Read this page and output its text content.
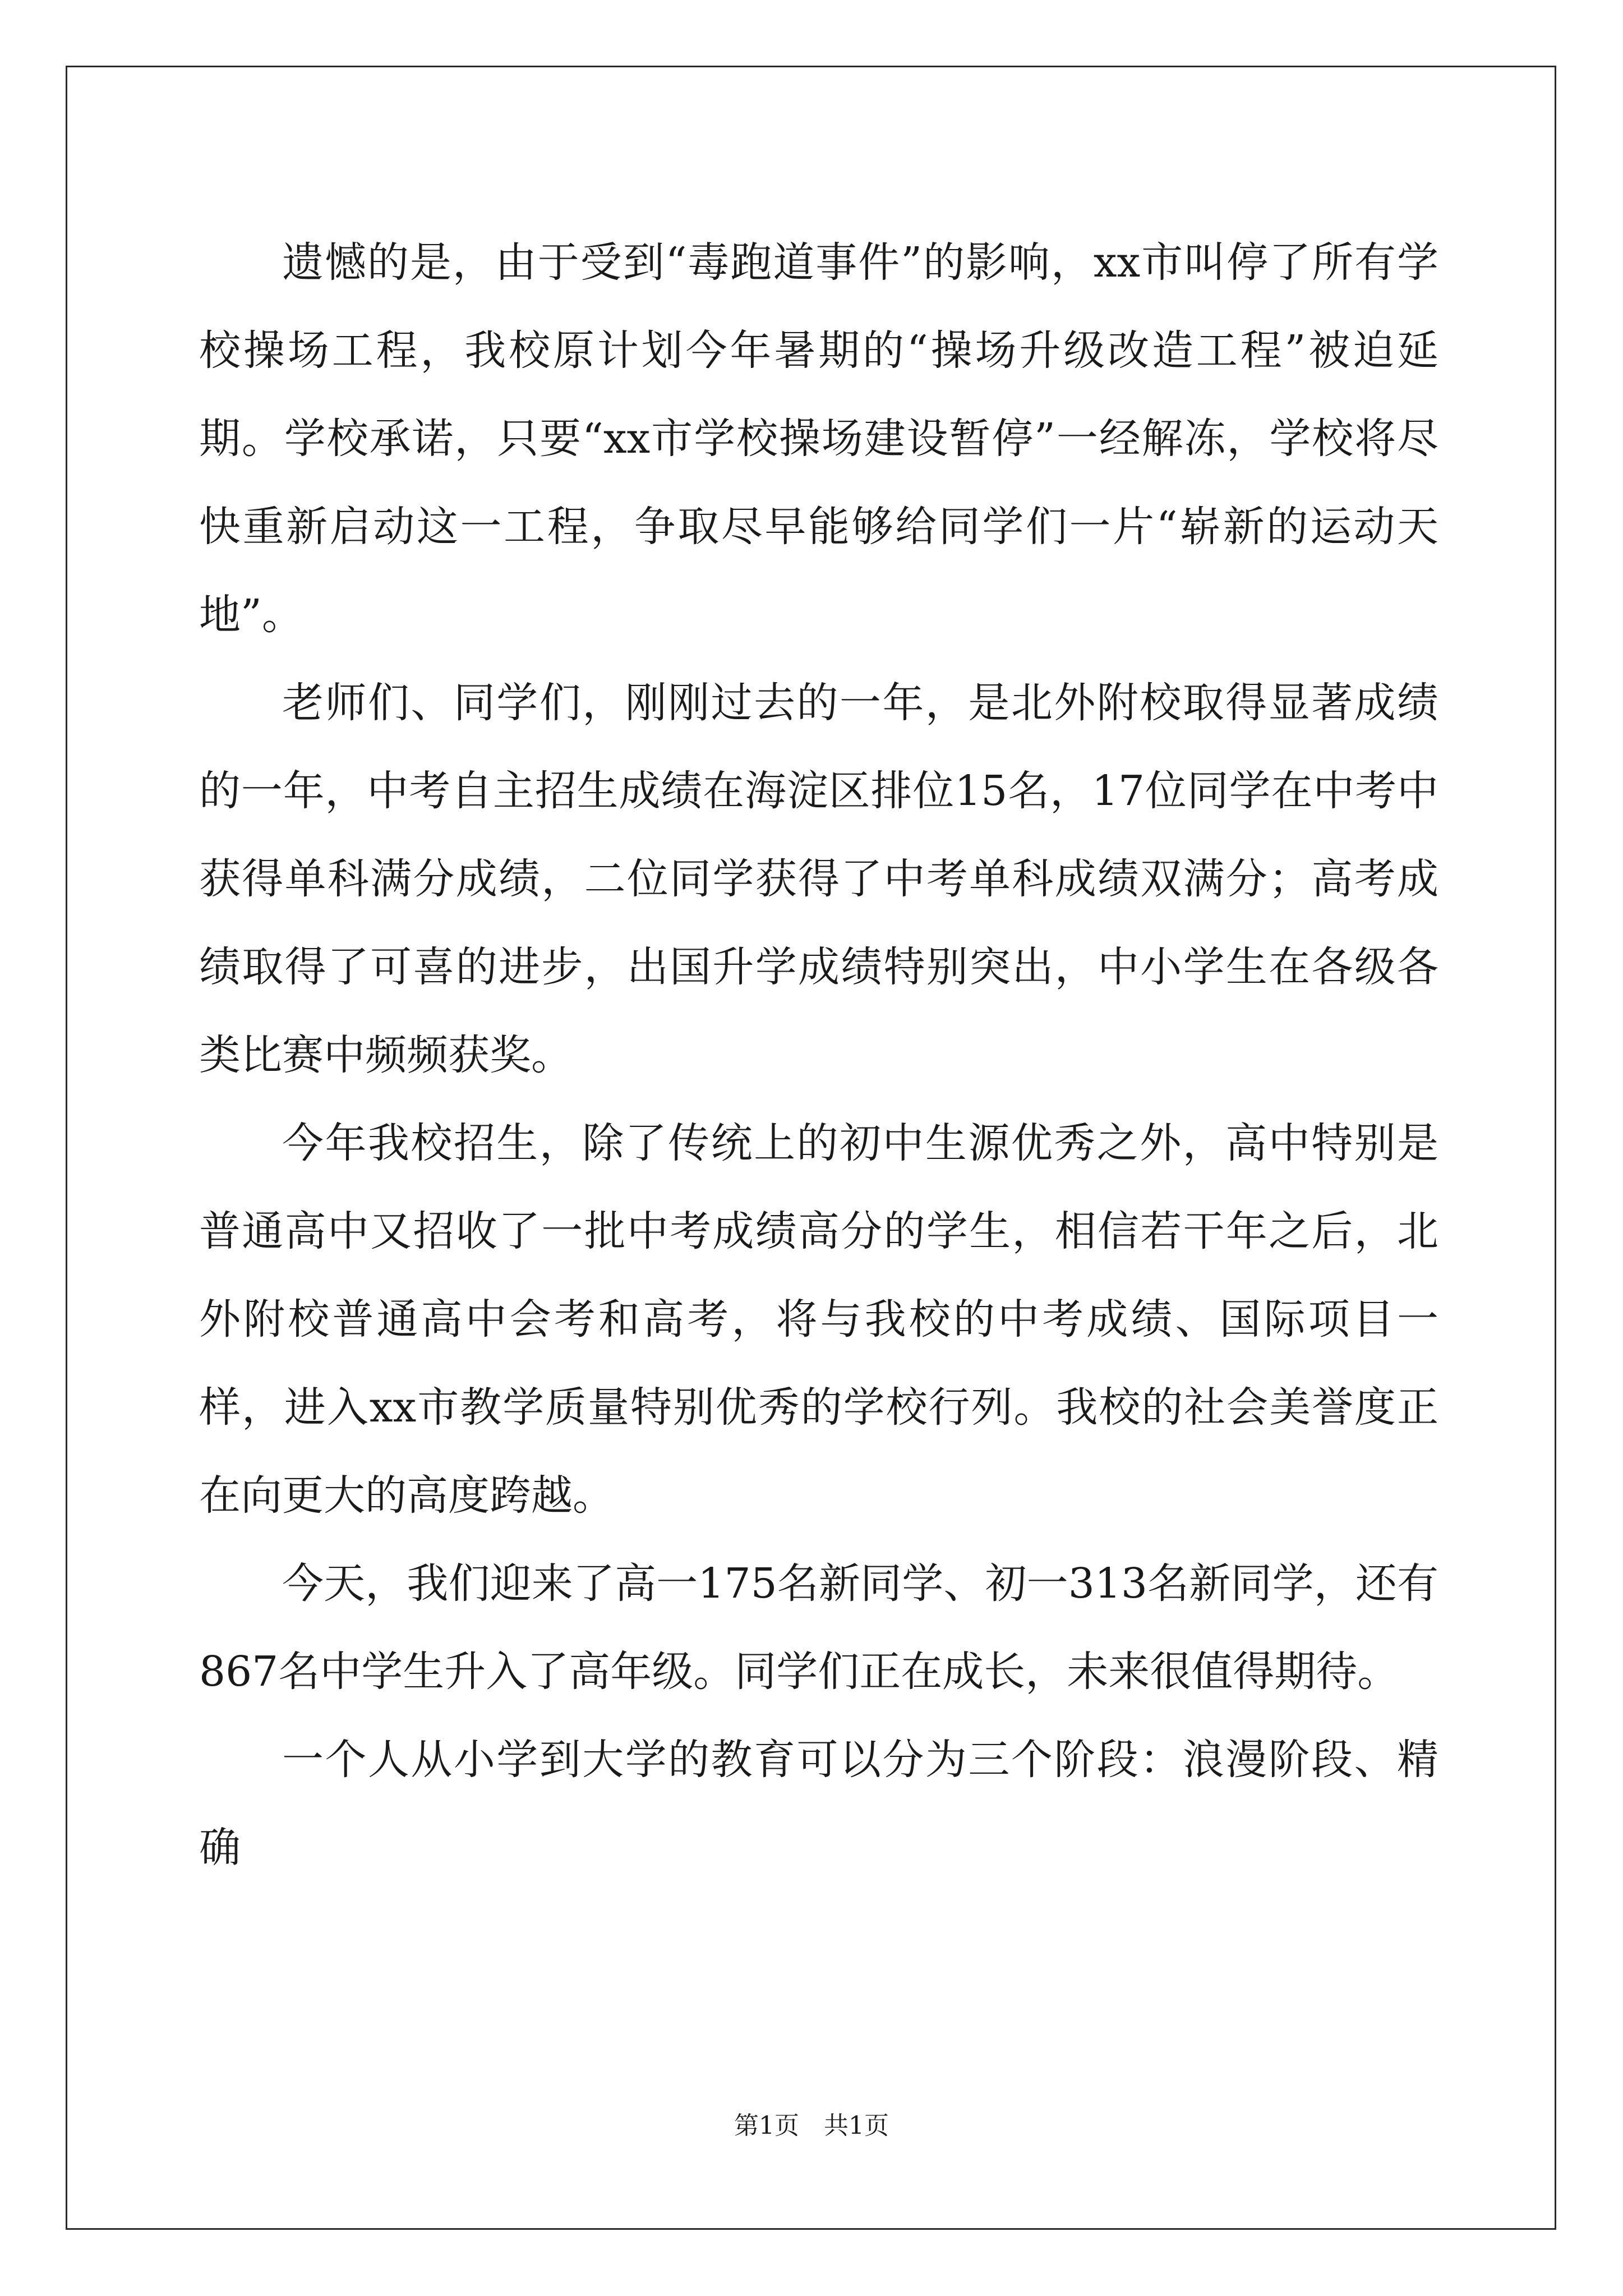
遗憾的是，由于受到“毒跑道事件”的影响，xx市叫停了所有学校操场工程，我校原计划今年暑期的“操场升级改造工程”被迫延期。学校承诺，只要“xx市学校操场建设暂停”一经解冻，学校将尽快重新启动这一工程，争取尽早能够给同学们一片“崭新的运动天地”。

老师们、同学们，刚刚过去的一年，是北外附校取得显著成绩的一年，中考自主招生成绩在海淀区排位15名，17位同学在中考中获得单科满分成绩，二位同学获得了中考单科成绩双满分；高考成绩取得了可喜的进步，出国升学成绩特别突出，中小学生在各级各类比赛中频频获奖。

今年我校招生，除了传统上的初中生源优秀之外，高中特别是普通高中又招收了一批中考成绩高分的学生，相信若干年之后，北外附校普通高中会考和高考，将与我校的中考成绩、国际项目一样，进入xx市教学质量特别优秀的学校行列。我校的社会美誉度正在向更大的高度跨越。

今天，我们迎来了高一175名新同学、初一313名新同学，还有867名中学生升入了高年级。同学们正在成长，未来很值得期待。

一个人从小学到大学的教育可以分为三个阶段：浪漫阶段、精确

第1页 共1页
